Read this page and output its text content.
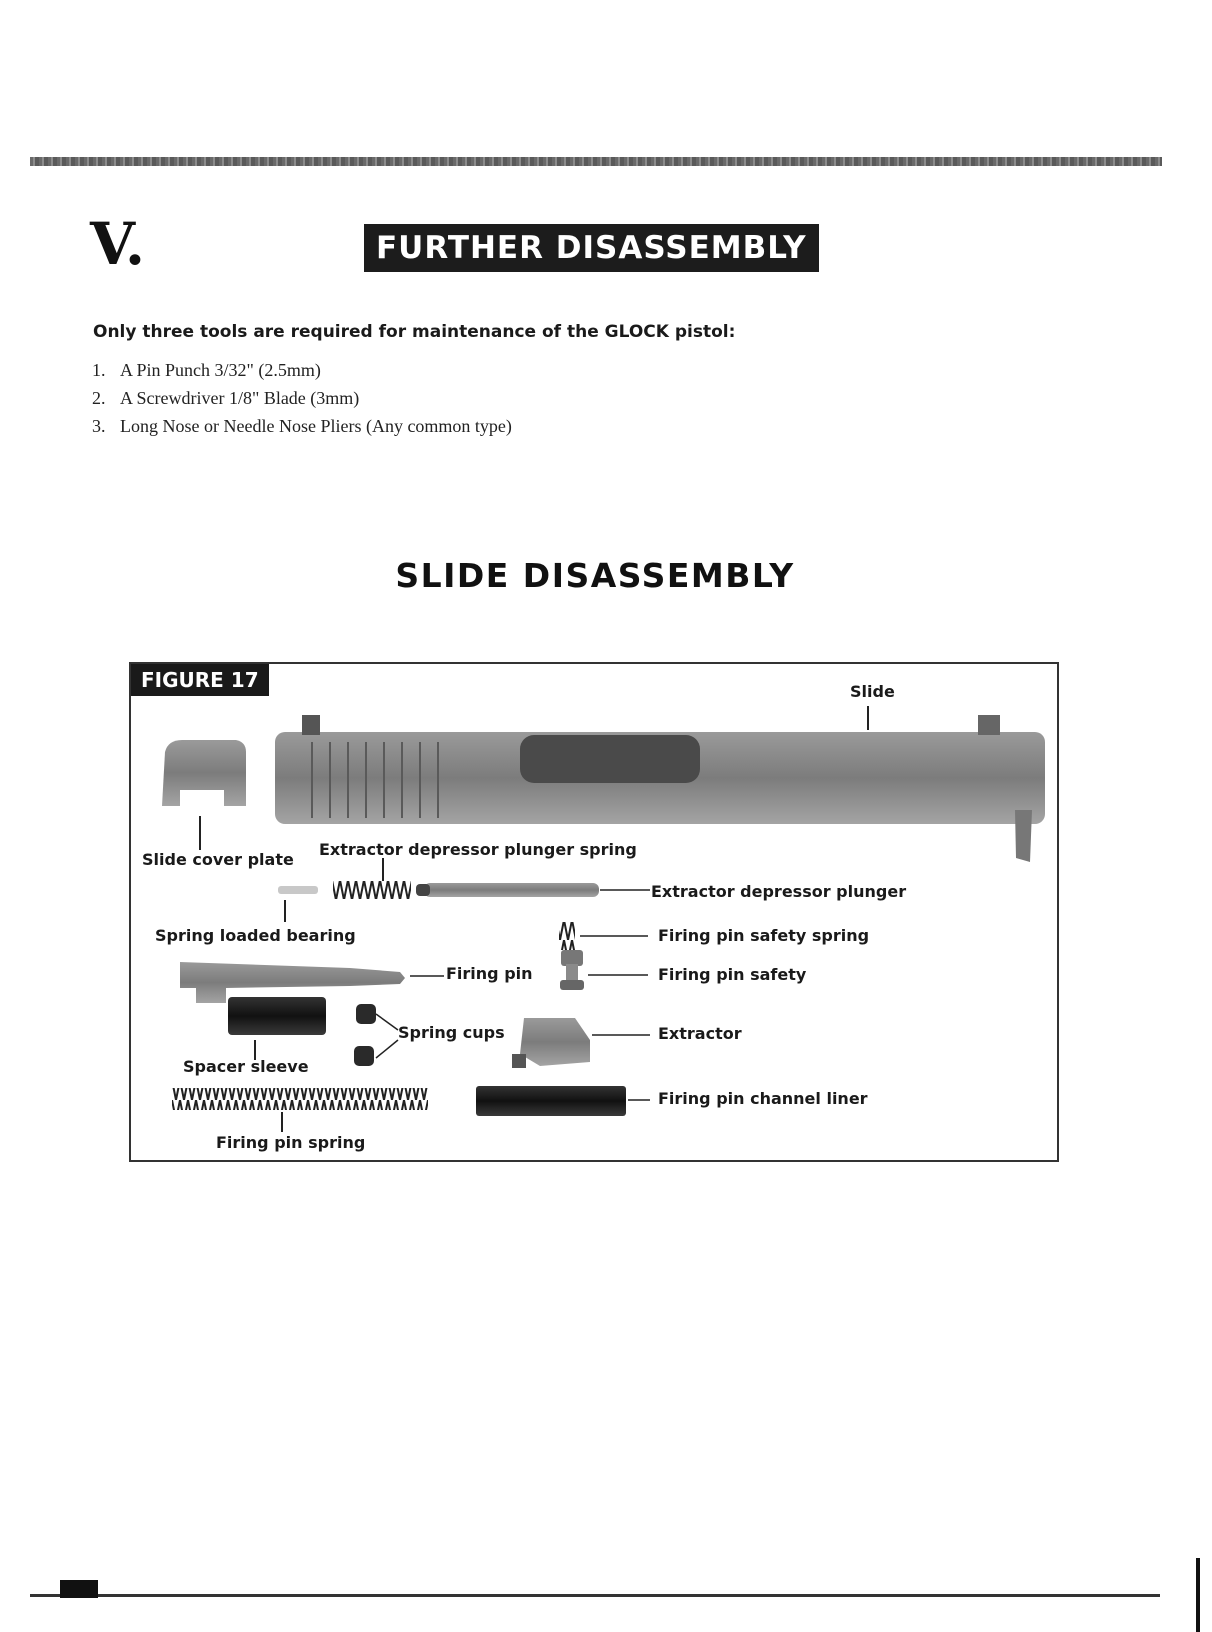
V.	FURTHER DISASSEMBLY
Only three tools are required for maintenance of the GLOCK pistol:
1. A Pin Punch 3/32" (2.5mm)
2. A Screwdriver 1/8" Blade (3mm)
3. Long Nose or Needle Nose Pliers (Any common type)
SLIDE DISASSEMBLY
FIGURE 17	Slide
Slide cover plate
Extractor depressor plunger spring
Extractor depressor plunger
Spring loaded bearing	Firing pin safety spring
Firing pin	Firing pin safety
Spring cups	Extractor
Spacer sleeve
Firing pin channel liner
Firing pin spring
